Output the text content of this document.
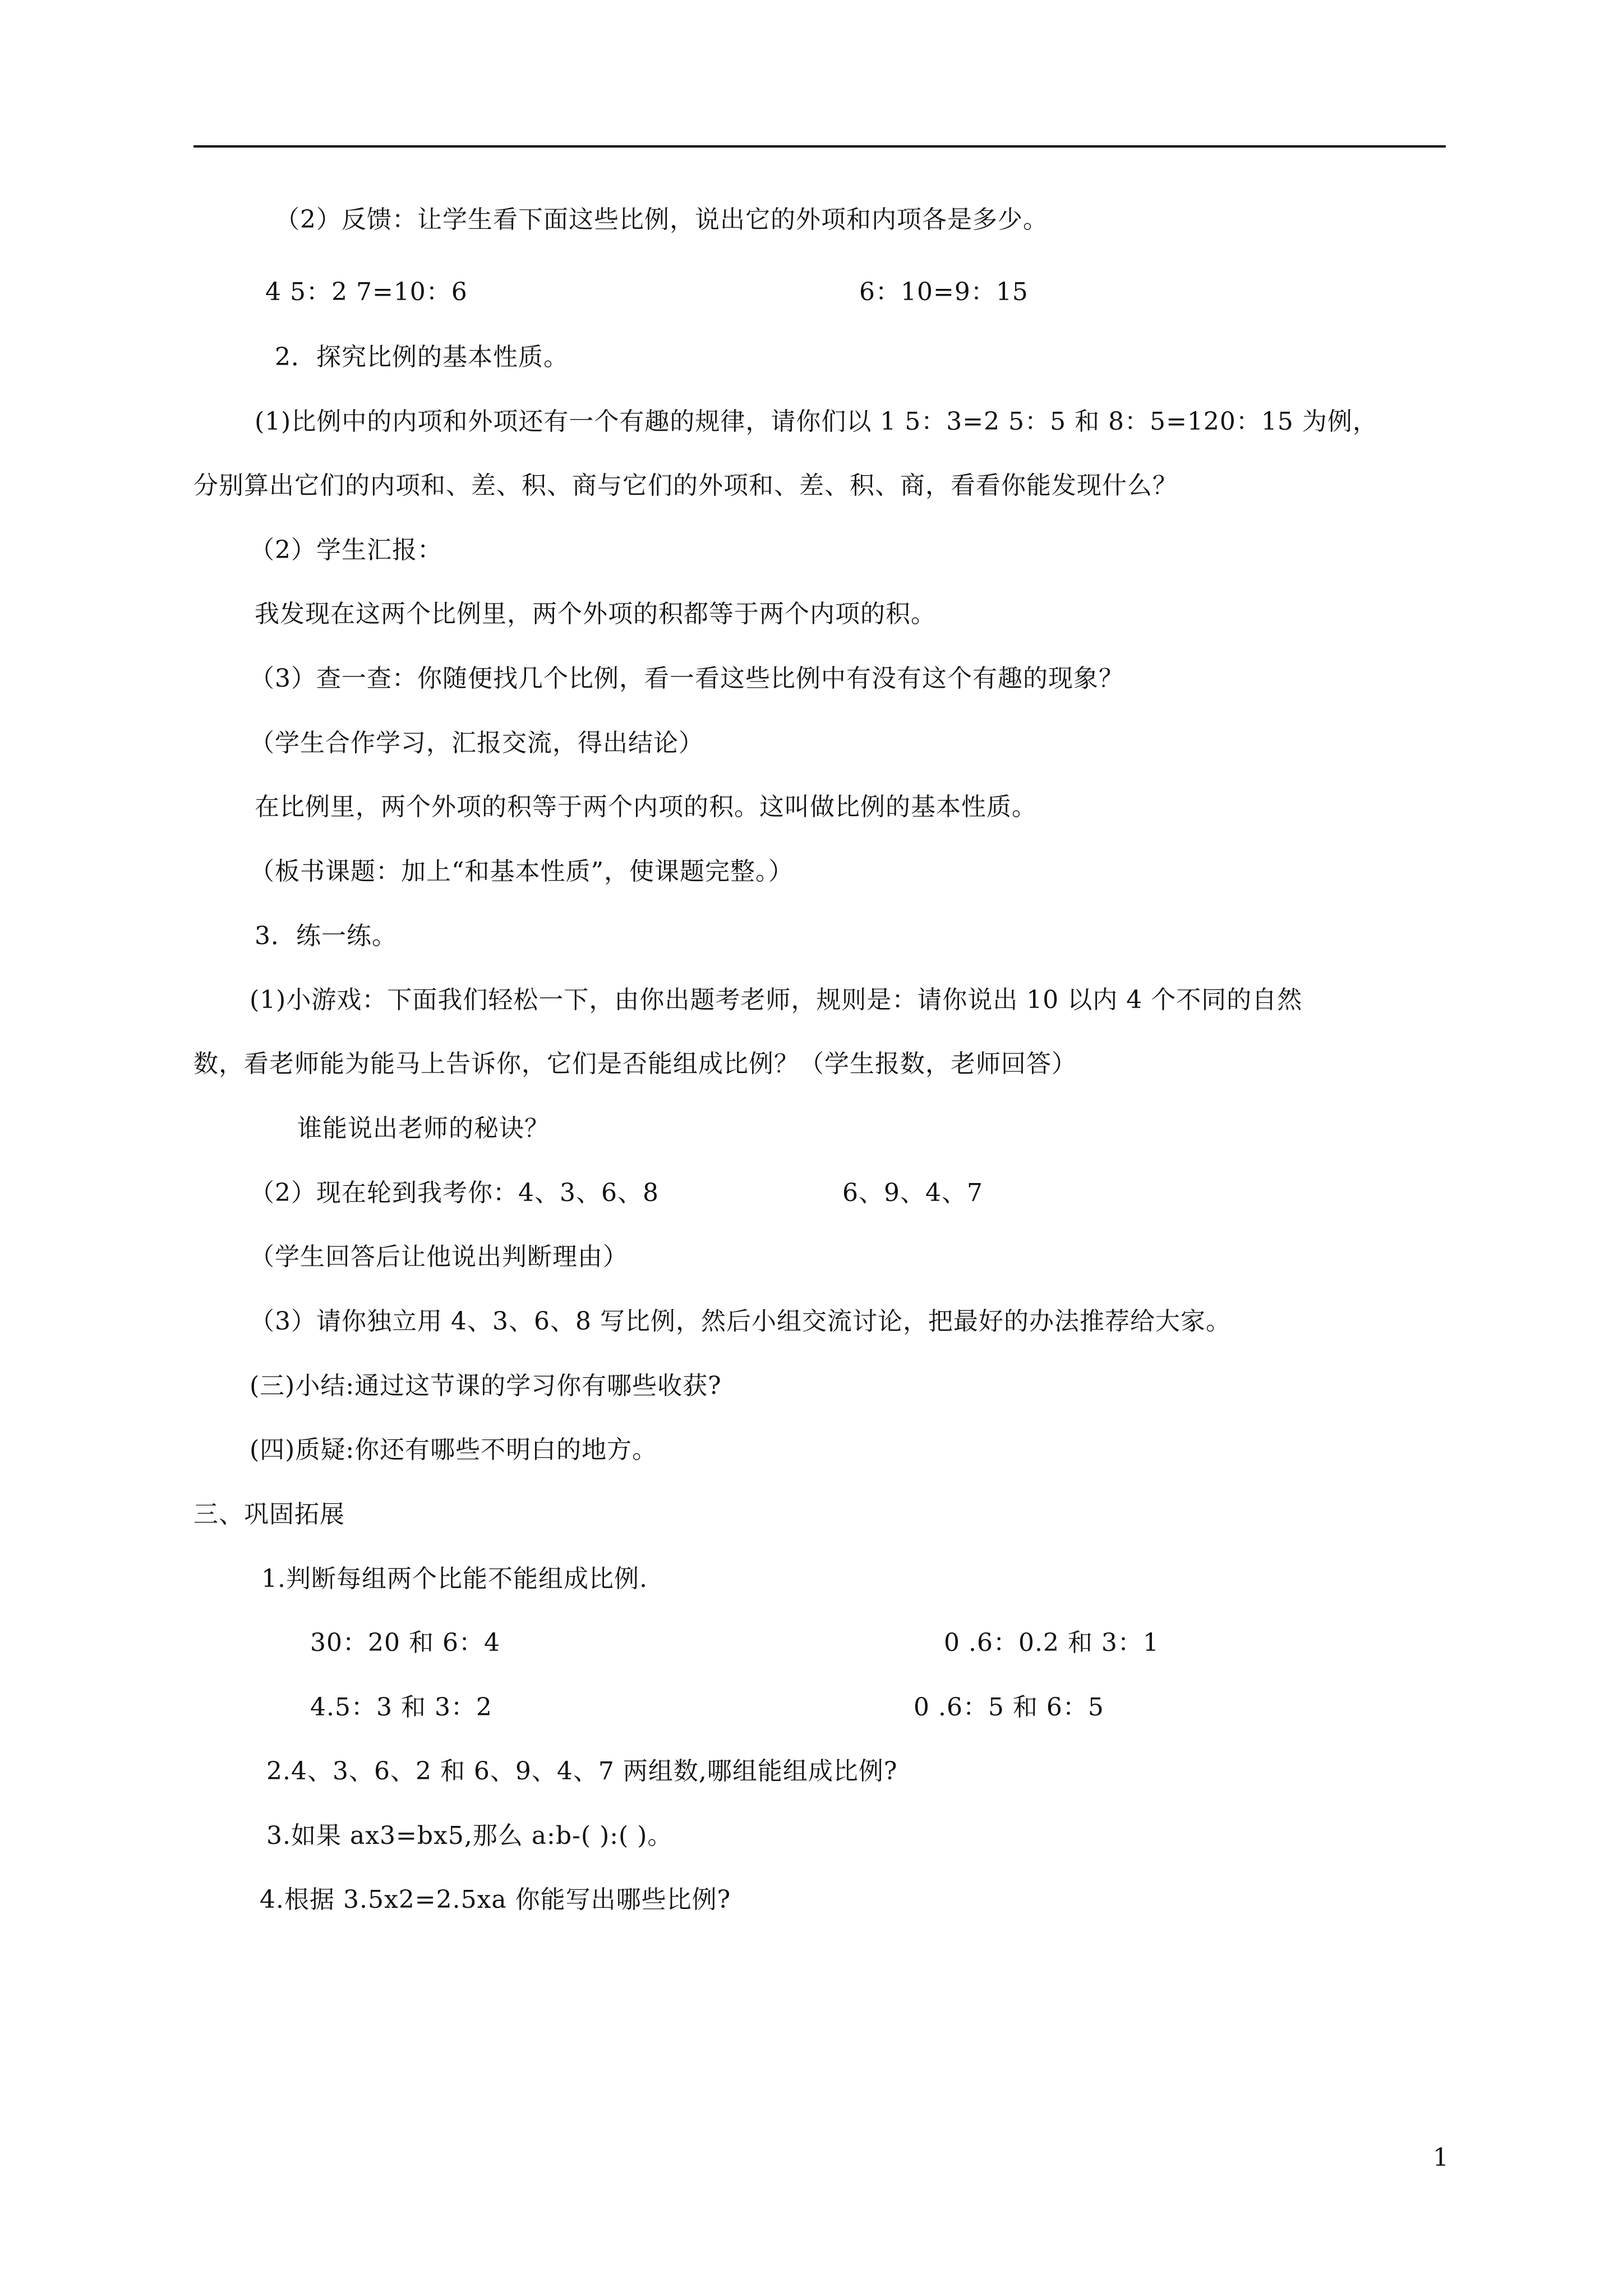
（2）反馈：让学生看下面这些比例，说出它的外项和内项各是多少。
4 5：2 7=10：6	6：10=9：15
2．探究比例的基本性质。
(1)比例中的内项和外项还有一个有趣的规律，请你们以 1 5：3=2 5：5 和 8：5=120：15 为例，
分别算出它们的内项和、差、积、商与它们的外项和、差、积、商，看看你能发现什么？
（2）学生汇报：
我发现在这两个比例里，两个外项的积都等于两个内项的积。
（3）查一查：你随便找几个比例，看一看这些比例中有没有这个有趣的现象？
（学生合作学习，汇报交流，得出结论）
在比例里，两个外项的积等于两个内项的积。这叫做比例的基本性质。
（板书课题：加上“和基本性质”，使课题完整。）
3．练一练。
(1)小游戏：下面我们轻松一下，由你出题考老师，规则是：请你说出 10 以内 4 个不同的自然
数，看老师能为能马上告诉你，它们是否能组成比例？（学生报数，老师回答）
谁能说出老师的秘诀？
（2）现在轮到我考你：4、3、6、8	6、9、4、7
（学生回答后让他说出判断理由）
（3）请你独立用 4、3、6、8 写比例，然后小组交流讨论，把最好的办法推荐给大家。
(三)小结:通过这节课的学习你有哪些收获?
(四)质疑:你还有哪些不明白的地方。
三、巩固拓展
1.判断每组两个比能不能组成比例.
30：20 和 6：4	0 .6：0.2 和 3：1
4.5：3 和 3：2	0 .6：5 和 6：5
2.4、3、6、2 和 6、9、4、7 两组数,哪组能组成比例?
3.如果 ax3=bx5,那么 a:b-( ):( )。
4.根据 3.5x2=2.5xa 你能写出哪些比例?
1
